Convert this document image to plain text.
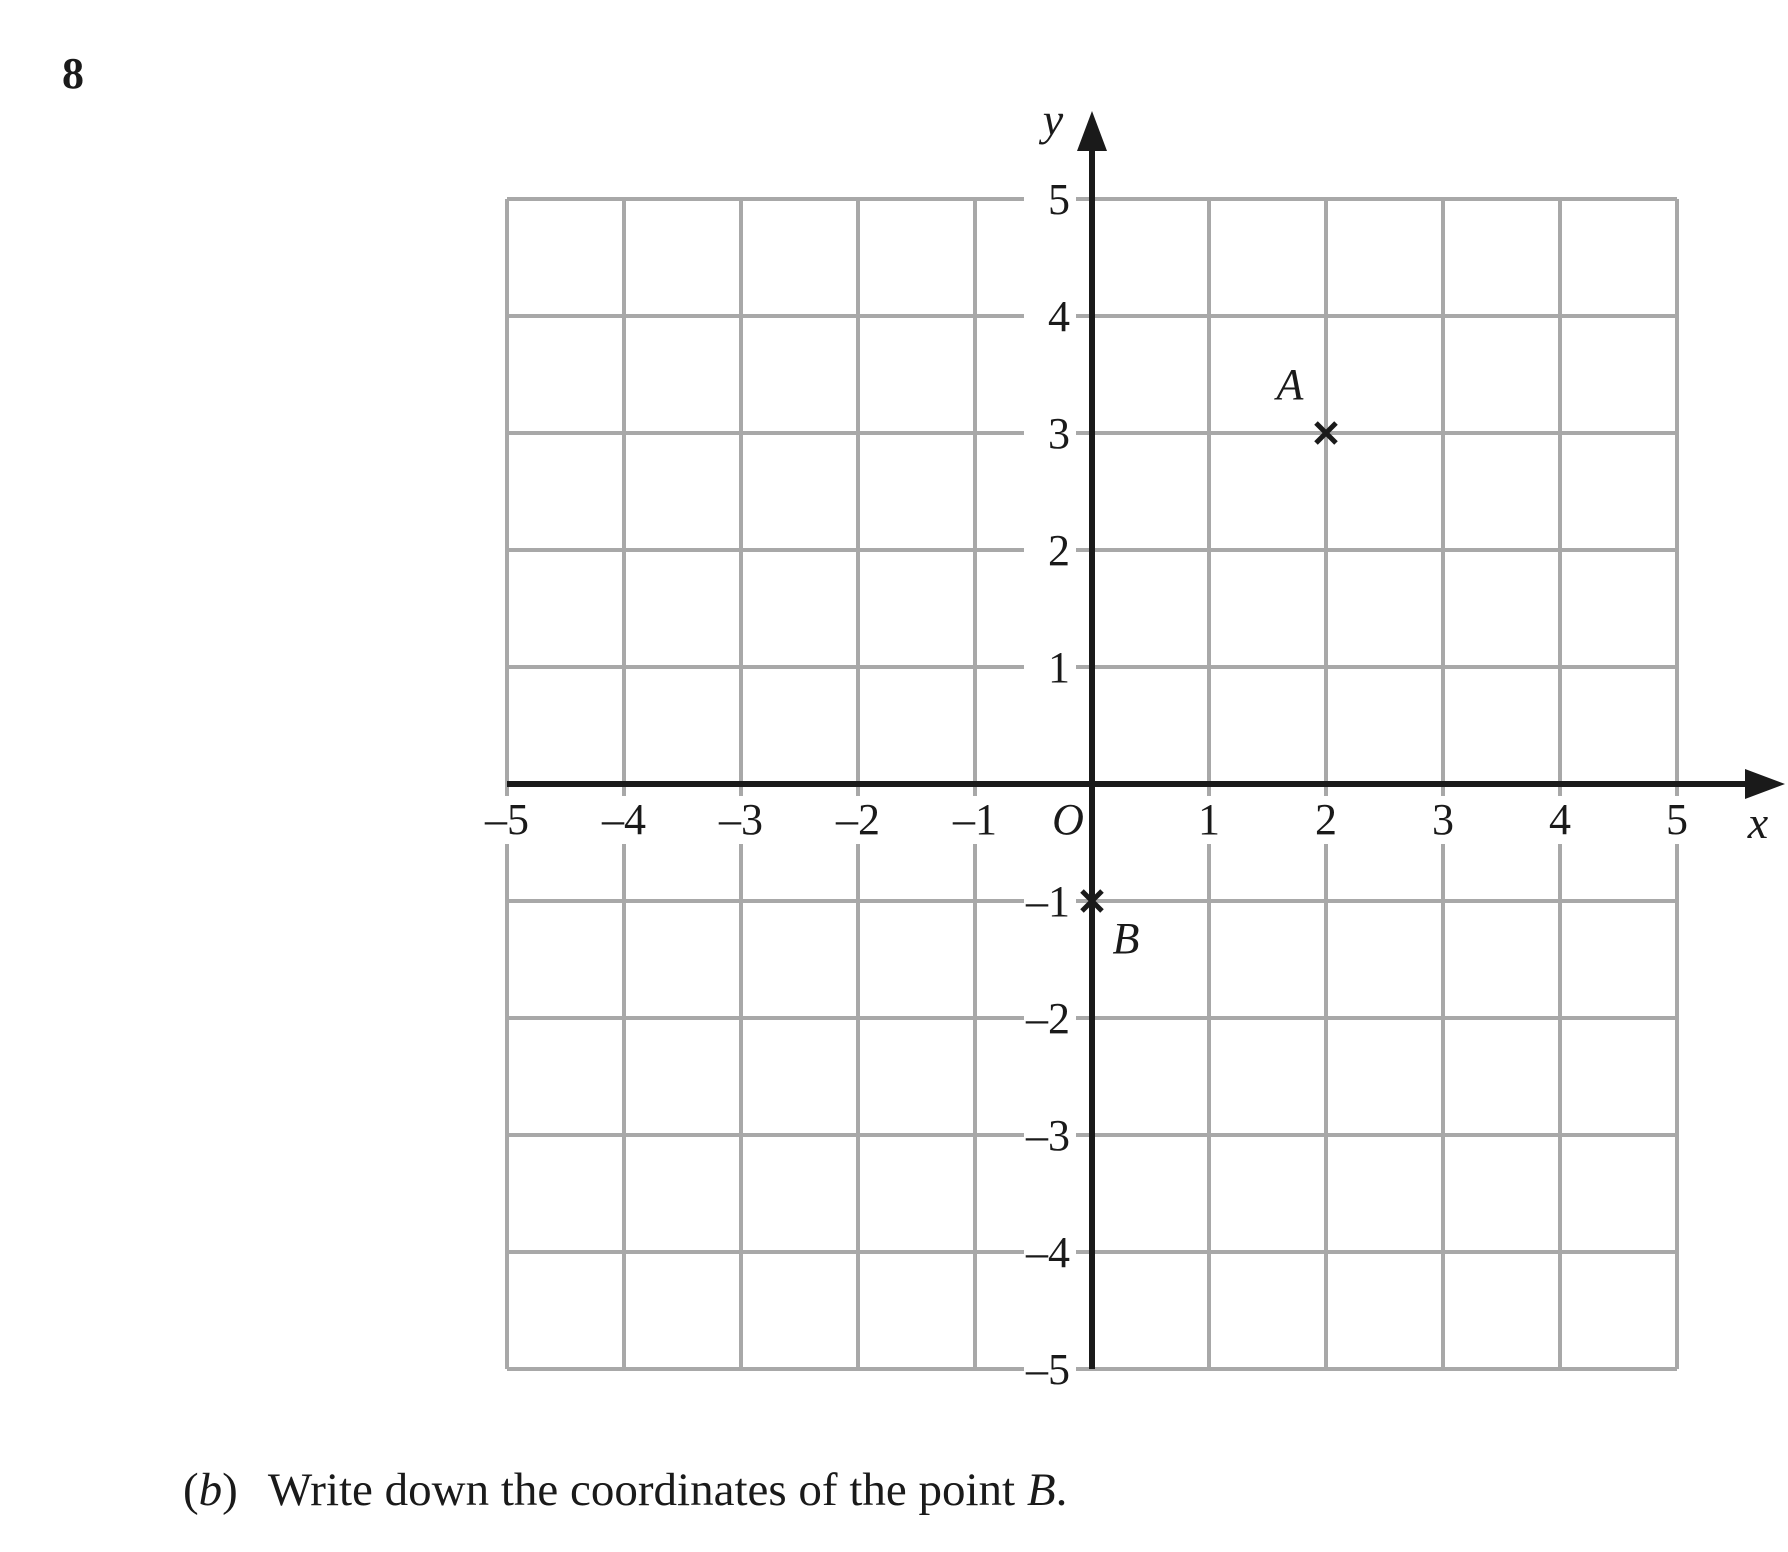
8
–5 –4 –3 –2 –1	1 2 3 4 5
5
4
3
2
1
–1
–2
–3
–4
–5
A
B
x
y
O
(b) Write down the coordinates of the point B.
